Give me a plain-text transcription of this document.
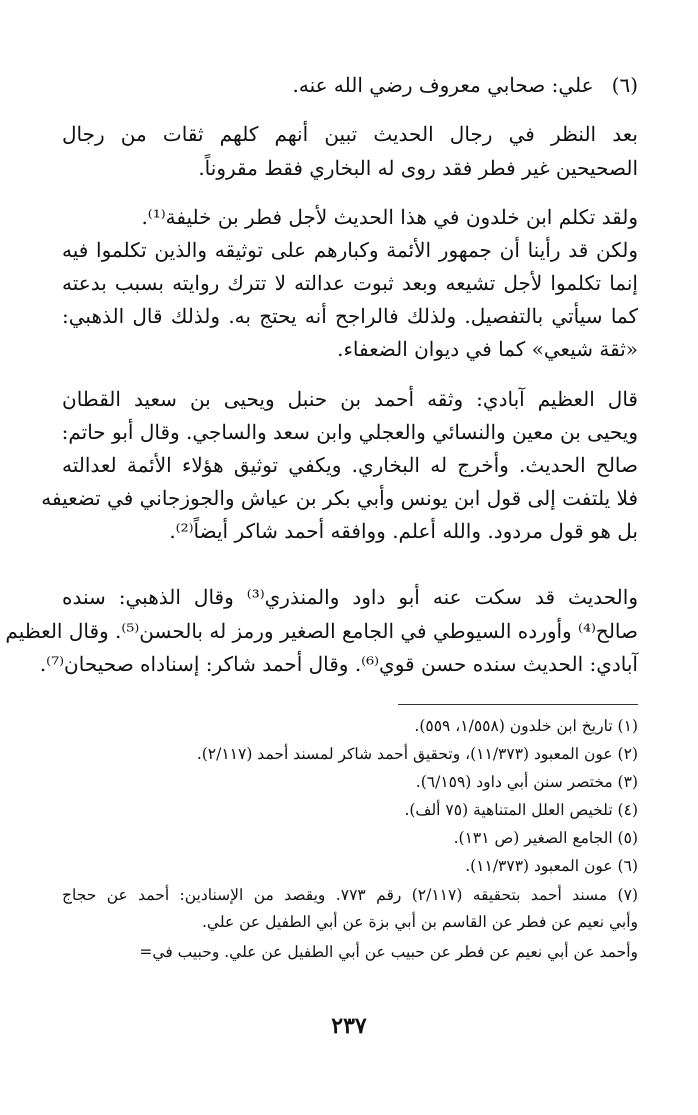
(٦)علي: صحابي معروف رضي الله عنه.
بعد النظر في رجال الحديث تبين أنهم كلهم ثقات من رجال
الصحيحين غير فطر فقد روى له البخاري فقط مقروناً.
ولقد تكلم ابن خلدون في هذا الحديث لأجل فطر بن خليفة⁽¹⁾.
ولكن قد رأينا أن جمهور الأئمة وكبارهم على توثيقه والذين تكلموا فيه
إنما تكلموا لأجل تشيعه وبعد ثبوت عدالته لا تترك روايته بسبب بدعته
كما سيأتي بالتفصيل. ولذلك فالراجح أنه يحتج به. ولذلك قال الذهبي:
«ثقة شيعي» كما في ديوان الضعفاء.
قال العظيم آبادي: وثقه أحمد بن حنبل ويحيى بن سعيد القطان
ويحيى بن معين والنسائي والعجلي وابن سعد والساجي. وقال أبو حاتم:
صالح الحديث. وأخرج له البخاري. ويكفي توثيق هؤلاء الأئمة لعدالته
فلا يلتفت إلى قول ابن يونس وأبي بكر بن عياش والجوزجاني في تضعيفه
بل هو قول مردود. والله أعلم. ووافقه أحمد شاكر أيضاً⁽²⁾.
والحديث قد سكت عنه أبو داود والمنذري⁽³⁾ وقال الذهبي: سنده
صالح⁽⁴⁾ وأورده السيوطي في الجامع الصغير ورمز له بالحسن⁽⁵⁾. وقال العظيم
آبادي: الحديث سنده حسن قوي⁽⁶⁾. وقال أحمد شاكر: إسناداه صحيحان⁽⁷⁾.
(١) تاريخ ابن خلدون (١/٥٥٨، ٥٥٩).
(٢) عون المعبود (١١/٣٧٣)، وتحقيق أحمد شاكر لمسند أحمد (٢/١١٧).
(٣) مختصر سنن أبي داود (٦/١٥٩).
(٤) تلخيص العلل المتناهية (٧٥ ألف).
(٥) الجامع الصغير (ص ١٣١).
(٦) عون المعبود (١١/٣٧٣).
(٧) مسند أحمد بتحقيقه (٢/١١٧) رقم ٧٧٣. ويقصد من الإسنادين: أحمد عن حجاج
وأبي نعيم عن فطر عن القاسم بن أبي بزة عن أبي الطفيل عن علي.
وأحمد عن أبي نعيم عن فطر عن حبيب عن أبي الطفيل عن علي. وحبيب في=
٢٣٧
